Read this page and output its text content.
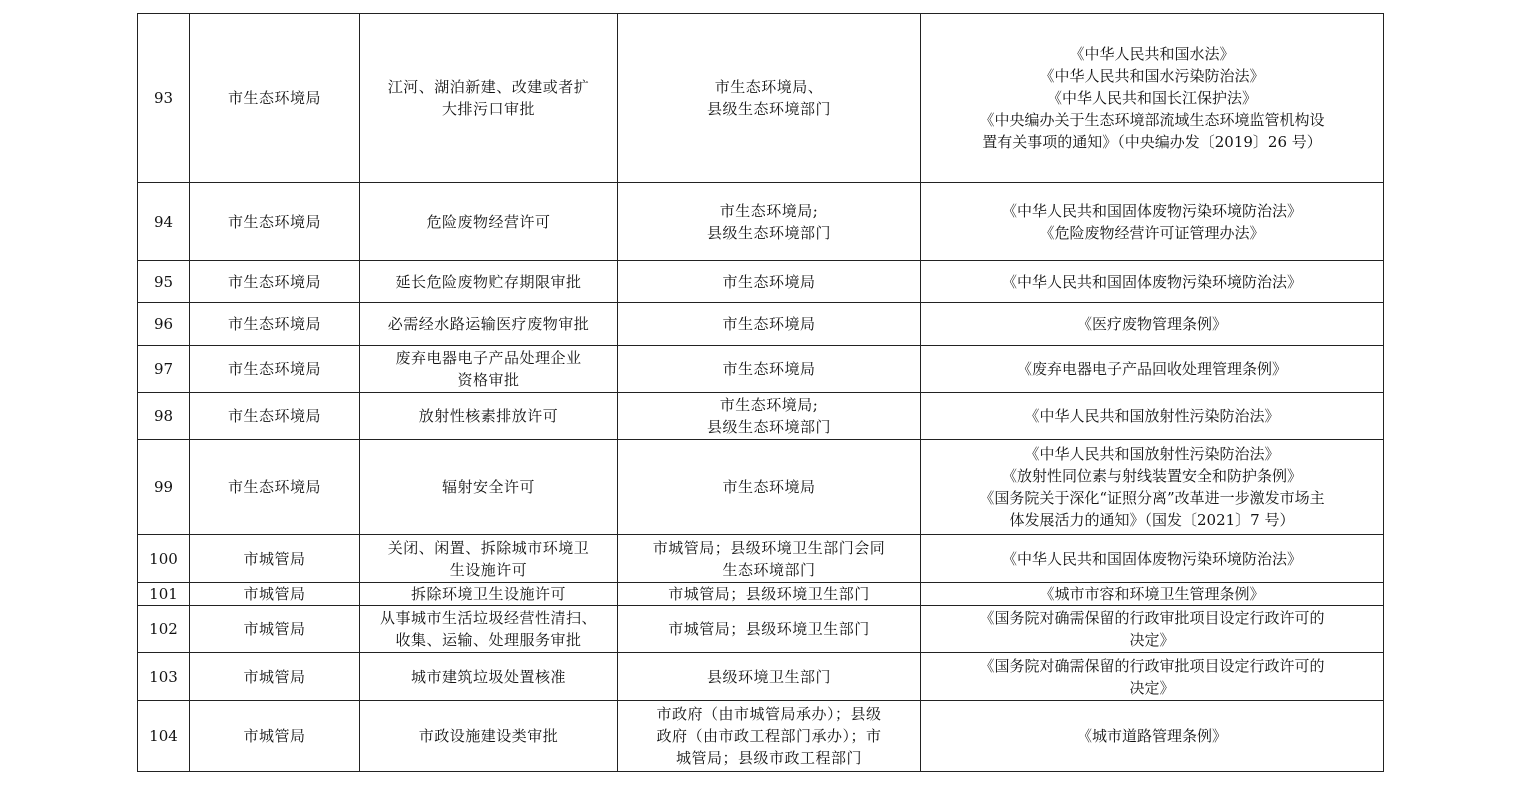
93	市生态环境局	江河、湖泊新建、改建或者扩
大排污口审批	市生态环境局、
县级生态环境部门	《中华人民共和国水法》
《中华人民共和国水污染防治法》
《中华人民共和国长江保护法》
《中央编办关于生态环境部流域生态环境监管机构设
置有关事项的通知》（中央编办发〔2019〕26 号）

94	市生态环境局	危险废物经营许可	市生态环境局;
县级生态环境部门	《中华人民共和国固体废物污染环境防治法》
《危险废物经营许可证管理办法》

95	市生态环境局	延长危险废物贮存期限审批	市生态环境局	《中华人民共和国固体废物污染环境防治法》

96	市生态环境局	必需经水路运输医疗废物审批	市生态环境局	《医疗废物管理条例》

97	市生态环境局	废弃电器电子产品处理企业
资格审批	市生态环境局	《废弃电器电子产品回收处理管理条例》

98	市生态环境局	放射性核素排放许可	市生态环境局;
县级生态环境部门	《中华人民共和国放射性污染防治法》

99	市生态环境局	辐射安全许可	市生态环境局	《中华人民共和国放射性污染防治法》
《放射性同位素与射线装置安全和防护条例》
《国务院关于深化“证照分离”改革进一步激发市场主
体发展活力的通知》（国发〔2021〕7 号）

100	市城管局	关闭、闲置、拆除城市环境卫
生设施许可	市城管局；县级环境卫生部门会同
生态环境部门	《中华人民共和国固体废物污染环境防治法》

101	市城管局	拆除环境卫生设施许可	市城管局；县级环境卫生部门	《城市市容和环境卫生管理条例》

102	市城管局	从事城市生活垃圾经营性清扫、
收集、运输、处理服务审批	市城管局；县级环境卫生部门	《国务院对确需保留的行政审批项目设定行政许可的
决定》

103	市城管局	城市建筑垃圾处置核准	县级环境卫生部门	《国务院对确需保留的行政审批项目设定行政许可的
决定》

104	市城管局	市政设施建设类审批	市政府（由市城管局承办）；县级
政府（由市政工程部门承办）；市
城管局；县级市政工程部门	《城市道路管理条例》
